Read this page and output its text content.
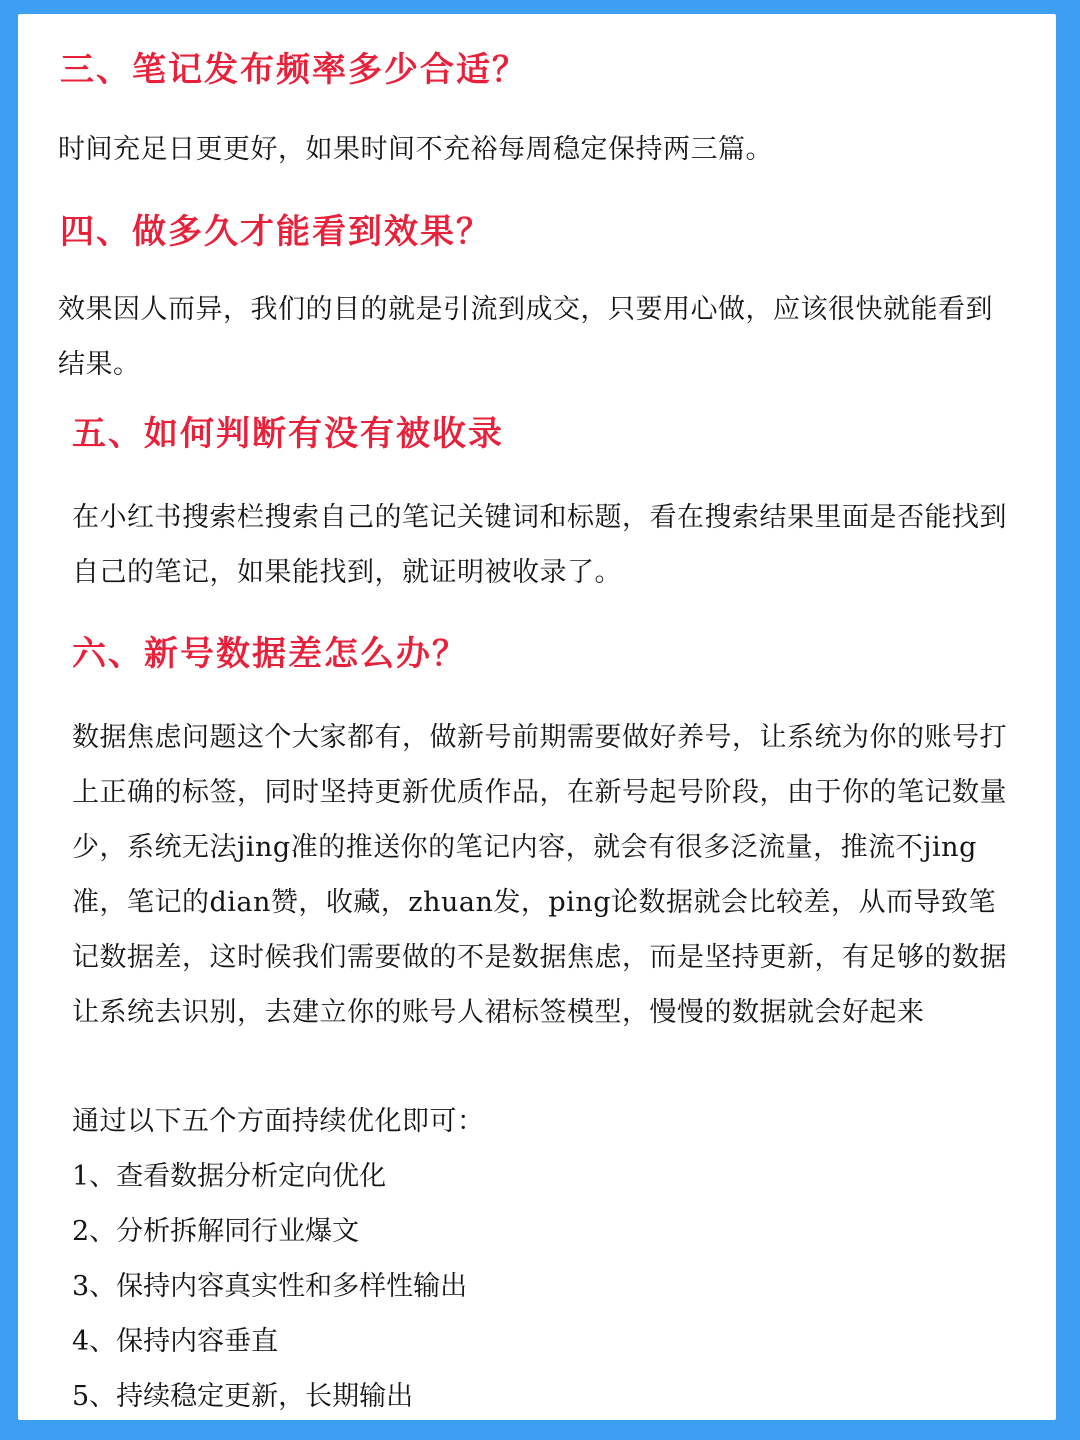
三、笔记发布频率多少合适？

时间充足日更更好，如果时间不充裕每周稳定保持两三篇。

四、做多久才能看到效果？

效果因人而异，我们的目的就是引流到成交，只要用心做，应该很快就能看到结果。

五、如何判断有没有被收录

在小红书搜索栏搜索自己的笔记关键词和标题，看在搜索结果里面是否能找到自己的笔记，如果能找到，就证明被收录了。

六、新号数据差怎么办？

数据焦虑问题这个大家都有，做新号前期需要做好养号，让系统为你的账号打上正确的标签，同时坚持更新优质作品，在新号起号阶段，由于你的笔记数量少，系统无法jing准的推送你的笔记内容，就会有很多泛流量，推流不jing准，笔记的dian赞，收藏，zhuan发，ping论数据就会比较差，从而导致笔记数据差，这时候我们需要做的不是数据焦虑，而是坚持更新，有足够的数据让系统去识别，去建立你的账号人裙标签模型，慢慢的数据就会好起来

通过以下五个方面持续优化即可：

1、查看数据分析定向优化
2、分析拆解同行业爆文
3、保持内容真实性和多样性输出
4、保持内容垂直
5、持续稳定更新，长期输出
